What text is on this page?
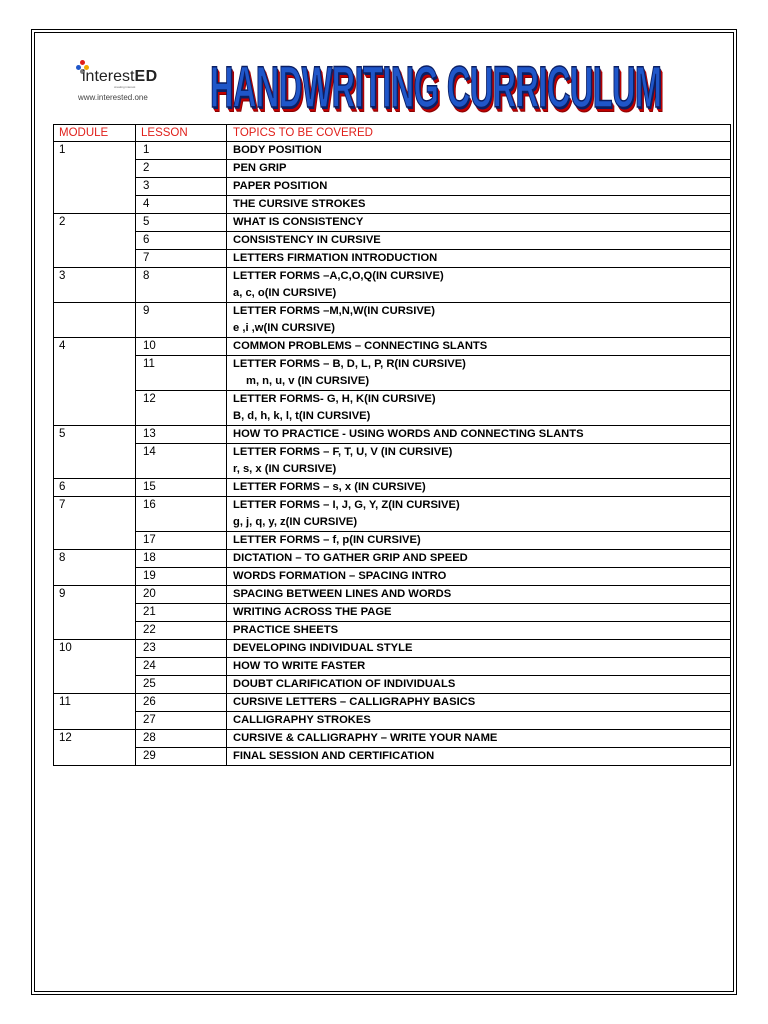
interestED
creating interest
www.interested.one HANDWRITING CURRICULUM
MODULE	LESSON	TOPICS TO BE COVERED
1	1	BODY POSITION

	2	PEN GRIP

	3	PAPER POSITION

	4	THE CURSIVE STROKES

2	5	WHAT IS CONSISTENCY

	6	CONSISTENCY IN CURSIVE

	7	LETTERS FIRMATION INTRODUCTION

3	8	LETTER FORMS –A,C,O,Q(IN CURSIVE)
a, c, o(IN CURSIVE)

	9	LETTER FORMS –M,N,W(IN CURSIVE)
e ,i ,w(IN CURSIVE)

4	10	COMMON PROBLEMS – CONNECTING SLANTS

	11	LETTER FORMS – B, D, L, P, R(IN CURSIVE)
m, n, u, v (IN CURSIVE)

	12	LETTER FORMS- G, H, K(IN CURSIVE)
B, d, h, k, l, t(IN CURSIVE)

5	13	HOW TO PRACTICE - USING WORDS AND CONNECTING SLANTS

	14	LETTER FORMS – F, T, U, V (IN CURSIVE)
r, s, x (IN CURSIVE)

6	15	LETTER FORMS – s, x (IN CURSIVE)

7	16	LETTER FORMS – I, J, G, Y, Z(IN CURSIVE)
g, j, q, y, z(IN CURSIVE)

	17	LETTER FORMS – f, p(IN CURSIVE)

8	18	DICTATION – TO GATHER GRIP AND SPEED

	19	WORDS FORMATION – SPACING INTRO

9	20	SPACING BETWEEN LINES AND WORDS

	21	WRITING ACROSS THE PAGE

	22	PRACTICE SHEETS

10	23	DEVELOPING INDIVIDUAL STYLE

	24	HOW TO WRITE FASTER

	25	DOUBT CLARIFICATION OF INDIVIDUALS

11	26	CURSIVE LETTERS – CALLIGRAPHY BASICS

	27	CALLIGRAPHY STROKES

12	28	CURSIVE & CALLIGRAPHY – WRITE YOUR NAME

	29	FINAL SESSION AND CERTIFICATION
